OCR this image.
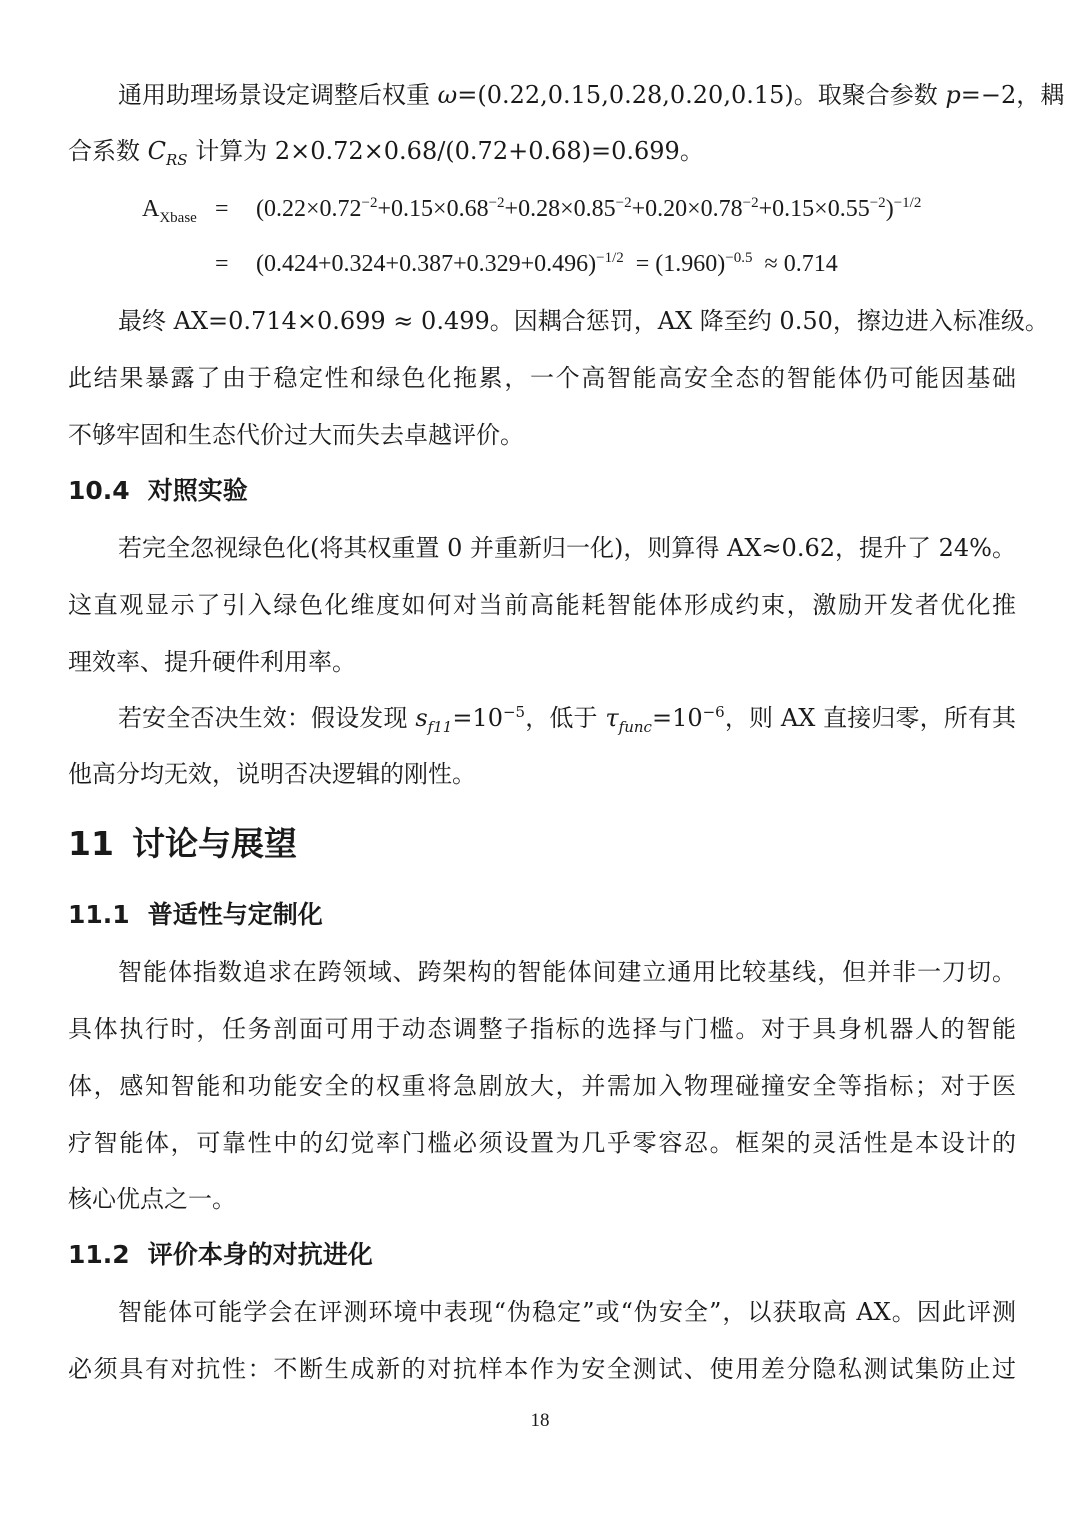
通用助理场景设定调整后权重 ω=(0.22,0.15,0.28,0.20,0.15)。取聚合参数 p=−2，耦
合系数 $C_{RS}$ 计算为 2×0.72×0.68/(0.72+0.68)=0.699。
$A_{Xbase} = (0.22\times 0.72^{-2}+0.15\times 0.68^{-2}+0.28\times 0.85^{-2}+0.20\times 0.78^{-2}+0.15\times 0.55^{-2})^{-1/2}$
= $(0.424+0.324+0.387+0.329+0.496)^{-1/2} = (1.960)^{-0.5} \approx 0.714$
最终 AX=0.714×0.699 ≈ 0.499。因耦合惩罚，AX 降至约 0.50，擦边进入标准级。
此结果暴露了由于稳定性和绿色化拖累，一个高智能高安全态的智能体仍可能因基础
不够牢固和生态代价过大而失去卓越评价。
10.4 对照实验
若完全忽视绿色化(将其权重置 0 并重新归一化)，则算得 AX≈0.62，提升了 24%。
这直观显示了引入绿色化维度如何对当前高能耗智能体形成约束，激励开发者优化推
理效率、提升硬件利用率。
若安全否决生效：假设发现 $s_{f11}=10^{-5}$，低于 $\tau_{func}=10^{-6}$，则 AX 直接归零，所有其
他高分均无效，说明否决逻辑的刚性。
11 讨论与展望
11.1 普适性与定制化
智能体指数追求在跨领域、跨架构的智能体间建立通用比较基线，但并非一刀切。
具体执行时，任务剖面可用于动态调整子指标的选择与门槛。对于具身机器人的智能
体，感知智能和功能安全的权重将急剧放大，并需加入物理碰撞安全等指标；对于医
疗智能体，可靠性中的幻觉率门槛必须设置为几乎零容忍。框架的灵活性是本设计的
核心优点之一。
11.2 评价本身的对抗进化
智能体可能学会在评测环境中表现“伪稳定”或“伪安全”，以获取高 AX。因此评测
必须具有对抗性：不断生成新的对抗样本作为安全测试、使用差分隐私测试集防止过
18
